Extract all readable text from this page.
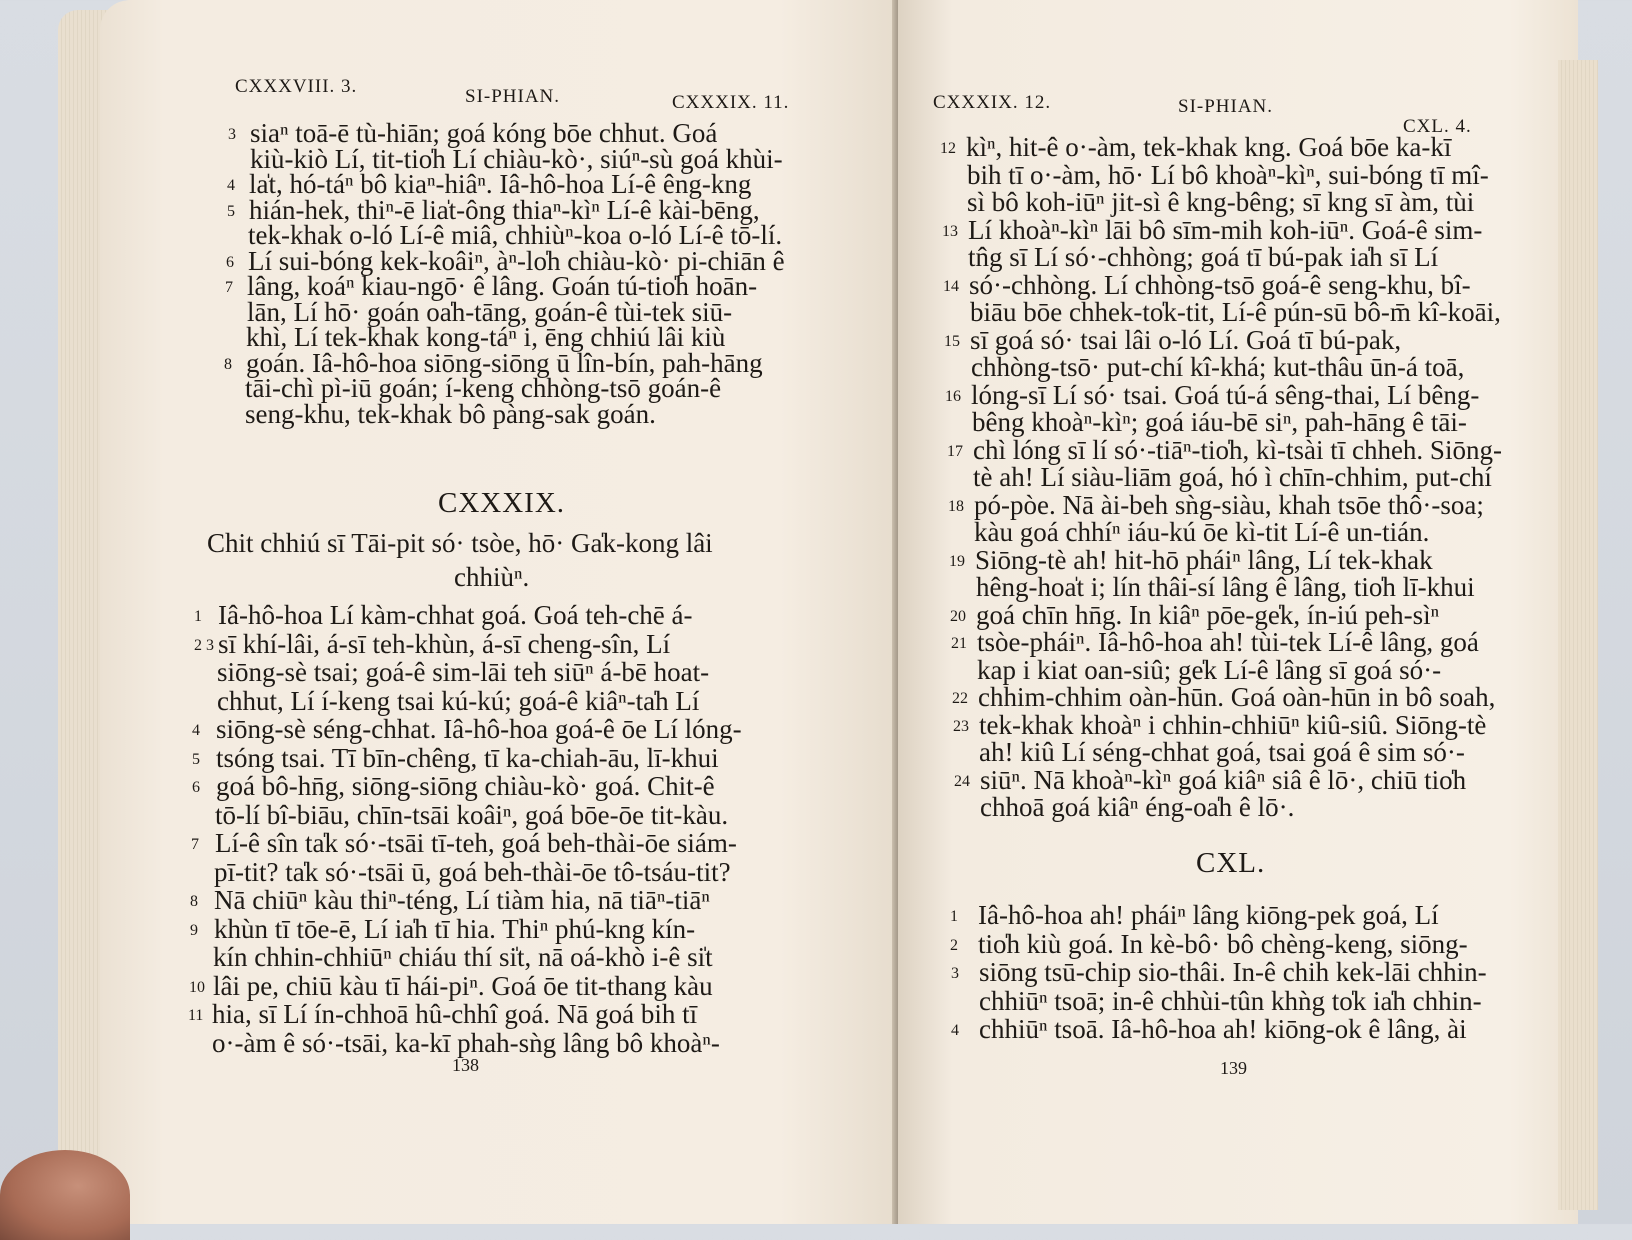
CXXXVIII. 3.	SI-PHIAN.	CXXXIX. 11.
3 siaⁿ toā-ē tù-hiān; goá kóng bōe chhut. Goá
kiù-kiò Lí, tit-tio̍h Lí chiàu-kò·, siúⁿ-sù goá khùi-
4 la̍t, hó-táⁿ bô kiaⁿ-hiâⁿ. Iâ-hô-hoa Lí-ê êng-kng
5 hián-hek, thiⁿ-ē lia̍t-ông thiaⁿ-kìⁿ Lí-ê kài-bēng,
tek-khak o-ló Lí-ê miâ, chhiùⁿ-koa o-ló Lí-ê tō-lí.
6 Lí sui-bóng kek-koâiⁿ, àⁿ-lo̍h chiàu-kò· pi-chiān ê
7 lâng, koáⁿ kiau-ngō· ê lâng. Goán tú-tio̍h hoān-
lān, Lí hō· goán oa̍h-tāng, goán-ê tùi-tek siū-
khì, Lí tek-khak kong-táⁿ i, ēng chhiú lâi kiù
8 goán. Iâ-hô-hoa siōng-siōng ū lîn-bín, pah-hāng
tāi-chì pì-iū goán; í-keng chhòng-tsō goán-ê
seng-khu, tek-khak bô pàng-sak goán.
CXXXIX.
Chit chhiú sī Tāi-pit só· tsòe, hō· Ga̍k-kong lâi
chhiùⁿ.
1 Iâ-hô-hoa Lí kàm-chhat goá. Goá teh-chē á-
2 3 sī khí-lâi, á-sī teh-khùn, á-sī cheng-sîn, Lí
siōng-sè tsai; goá-ê sim-lāi teh siūⁿ á-bē hoat-
chhut, Lí í-keng tsai kú-kú; goá-ê kiâⁿ-ta̍h Lí
4 siōng-sè séng-chhat. Iâ-hô-hoa goá-ê ōe Lí lóng-
5 tsóng tsai. Tī bīn-chêng, tī ka-chiah-āu, lī-khui
6 goá bô-hn̄g, siōng-siōng chiàu-kò· goá. Chit-ê
tō-lí bî-biāu, chīn-tsāi koâiⁿ, goá bōe-ōe tit-kàu.
7 Lí-ê sîn ta̍k só·-tsāi tī-teh, goá beh-thài-ōe siám-
pī-tit? ta̍k só·-tsāi ū, goá beh-thài-ōe tô-tsáu-tit?
8 Nā chiūⁿ kàu thiⁿ-téng, Lí tiàm hia, nā tiāⁿ-tiāⁿ
9 khùn tī tōe-ē, Lí ia̍h tī hia. Thiⁿ phú-kng kín-
kín chhin-chhiūⁿ chiáu thí si̍t, nā oá-khò i-ê si̍t
10 lâi pe, chiū kàu tī hái-piⁿ. Goá ōe tit-thang kàu
11 hia, sī Lí ín-chhoā hû-chhî goá. Nā goá bih tī
o·-àm ê só·-tsāi, ka-kī phah-sǹg lâng bô khoàⁿ-
138
CXXXIX. 12.	SI-PHIAN.
CXL. 4.
12 kìⁿ, hit-ê o·-àm, tek-khak kng. Goá bōe ka-kī
bih tī o·-àm, hō· Lí bô khoàⁿ-kìⁿ, sui-bóng tī mî-
sì bô koh-iūⁿ jit-sì ê kng-bêng; sī kng sī àm, tùi
13 Lí khoàⁿ-kìⁿ lāi bô sīm-mih koh-iūⁿ. Goá-ê sim-
tn̂g sī Lí só·-chhòng; goá tī bú-pak ia̍h sī Lí
14 só·-chhòng. Lí chhòng-tsō goá-ê seng-khu, bî-
biāu bōe chhek-to̍k-tit, Lí-ê pún-sū bô-m̄ kî-koāi,
15 sī goá só· tsai lâi o-ló Lí. Goá tī bú-pak,
chhòng-tsō· put-chí kî-khá; kut-thâu ūn-á toā,
16 lóng-sī Lí só· tsai. Goá tú-á sêng-thai, Lí bêng-
bêng khoàⁿ-kìⁿ; goá iáu-bē siⁿ, pah-hāng ê tāi-
17 chì lóng sī lí só·-tiāⁿ-tio̍h, kì-tsài tī chheh. Siōng-
tè ah! Lí siàu-liām goá, hó ì chīn-chhim, put-chí
18 pó-pòe. Nā ài-beh sǹg-siàu, khah tsōe thô·-soa;
kàu goá chhíⁿ iáu-kú ōe kì-tit Lí-ê un-tián.
19 Siōng-tè ah! hit-hō pháiⁿ lâng, Lí tek-khak
hêng-hoa̍t i; lín thâi-sí lâng ê lâng, tio̍h lī-khui
20 goá chīn hn̄g. In kiâⁿ pōe-ge̍k, ín-iú peh-sìⁿ
21 tsòe-pháiⁿ. Iâ-hô-hoa ah! tùi-tek Lí-ê lâng, goá
kap i kiat oan-siû; ge̍k Lí-ê lâng sī goá só·-
22 chhim-chhim oàn-hūn. Goá oàn-hūn in bô soah,
23 tek-khak khoàⁿ i chhin-chhiūⁿ kiû-siû. Siōng-tè
ah! kiû Lí séng-chhat goá, tsai goá ê sim só·-
24 siūⁿ. Nā khoàⁿ-kìⁿ goá kiâⁿ siâ ê lō·, chiū tio̍h
chhoā goá kiâⁿ éng-oa̍h ê lō·.
CXL.
1 Iâ-hô-hoa ah! pháiⁿ lâng kiōng-pek goá, Lí
2 tio̍h kiù goá. In kè-bô· bô chèng-keng, siōng-
3 siōng tsū-chip sio-thâi. In-ê chih kek-lāi chhin-
chhiūⁿ tsoā; in-ê chhùi-tûn khǹg to̍k ia̍h chhin-
4 chhiūⁿ tsoā. Iâ-hô-hoa ah! kiōng-ok ê lâng, ài
139
